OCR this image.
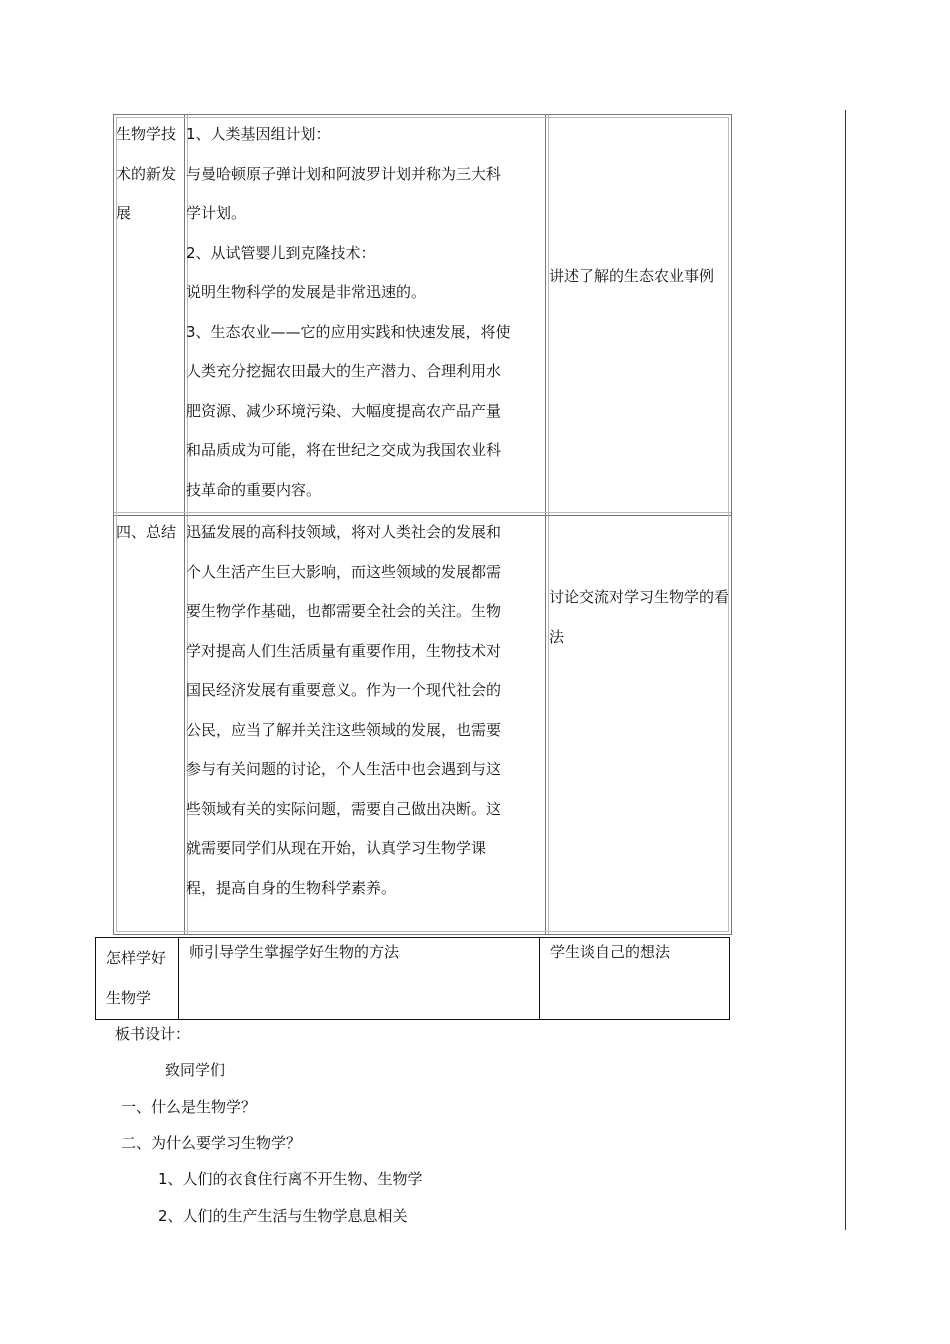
生物学技术的新发展
1、人类基因组计划：
与曼哈顿原子弹计划和阿波罗计划并称为三大科
学计划。
2、从试管婴儿到克隆技术：
说明生物科学的发展是非常迅速的。
3、生态农业——它的应用实践和快速发展，将使
人类充分挖掘农田最大的生产潜力、合理利用水
肥资源、减少环境污染、大幅度提高农产品产量
和品质成为可能，将在世纪之交成为我国农业科
技革命的重要内容。
讲述了解的生态农业事例
四、总结 迅猛发展的高科技领域，将对人类社会的发展和
个人生活产生巨大影响，而这些领域的发展都需
要生物学作基础，也都需要全社会的关注。生物
学对提高人们生活质量有重要作用，生物技术对
国民经济发展有重要意义。作为一个现代社会的
公民，应当了解并关注这些领域的发展，也需要
参与有关问题的讨论，个人生活中也会遇到与这
些领域有关的实际问题，需要自己做出决断。这
就需要同学们从现在开始，认真学习生物学课
程，提高自身的生物科学素养。
讨论交流对学习生物学的看法
怎样学好生物学
师引导学生掌握学好生物的方法	学生谈自己的想法
板书设计：
致同学们
一、什么是生物学？
二、为什么要学习生物学？
1、人们的衣食住行离不开生物、生物学
2、人们的生产生活与生物学息息相关
